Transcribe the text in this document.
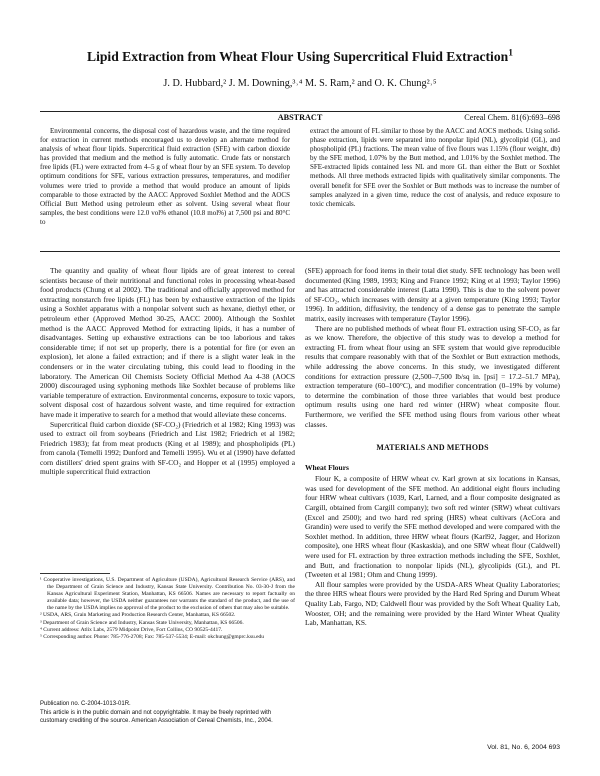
Lipid Extraction from Wheat Flour Using Supercritical Fluid Extraction$^1$
J. D. Hubbard,² J. M. Downing,³˒⁴ M. S. Ram,² and O. K. Chung²˒⁵
ABSTRACT	Cereal Chem. 81(6):693–698
Environmental concerns, the disposal cost of hazardous waste, and the time required for extraction in current methods encouraged us to develop an alternate method for analysis of wheat flour lipids. Supercritical fluid extraction (SFE) with carbon dioxide has provided that medium and the method is fully automatic. Crude fats or nonstarch free lipids (FL) were extracted from 4–5 g of wheat flour by an SFE system. To develop optimum conditions for SFE, various extraction pressures, temperatures, and modifier volumes were tried to provide a method that would produce an amount of lipids comparable to those extracted by the AACC Approved Soxhlet Method and the AOCS Official Butt Method using petroleum ether as solvent. Using several wheat flour samples, the best conditions were 12.0 vol% ethanol (10.8 mol%) at 7,500 psi and 80°C to
extract the amount of FL similar to those by the AACC and AOCS methods. Using solid-phase extraction, lipids were separated into nonpolar lipid (NL), glycolipid (GL), and phospholipid (PL) fractions. The mean value of five flours was 1.15% (flour weight, db) by the SFE method, 1.07% by the Butt method, and 1.01% by the Soxhlet method. The SFE-extracted lipids contained less NL and more GL than either the Butt or Soxhlet methods. All three methods extracted lipids with qualitatively similar components. The overall benefit for SFE over the Soxhlet or Butt methods was to increase the number of samples analyzed in a given time, reduce the cost of analysis, and reduce exposure to toxic chemicals.

The quantity and quality of wheat flour lipids are of great interest to cereal scientists because of their nutritional and functional roles in processing wheat-based food products (Chung et al 2002). The traditional and officially approved method for extracting nonstarch free lipids (FL) has been by exhaustive extraction of the lipids using a Soxhlet apparatus with a nonpolar solvent such as hexane, diethyl ether, or petroleum ether (Approved Method 30-25, AACC 2000). Although the Soxhlet method is the AACC Approved Method for extracting lipids, it has a number of disadvantages. Setting up exhaustive extractions can be too laborious and takes considerable time; if not set up properly, there is a potential for fire (or even an explosion), let alone a failed extraction; and if there is a slight water leak in the condensers or in the water circulating tubing, this could lead to flooding in the laboratory. The American Oil Chemists Society Official Method Aa 4-38 (AOCS 2000) discouraged using syphoning methods like Soxhlet because of problems like variable temperature of extraction. Environmental concerns, exposure to toxic vapors, solvent disposal cost of hazardous solvent waste, and time required for extraction have made it imperative to search for a method that would alleviate these concerns.

Supercritical fluid carbon dioxide (SF-CO₂) (Friedrich et al 1982; King 1993) was used to extract oil from soybeans (Friedrich and List 1982; Friedrich et al 1982; Friedrich 1983); fat from meat products (King et al 1989); and phospholipids (PL) from canola (Temelli 1992; Dunford and Temelli 1995). Wu et al (1990) have defatted corn distillers' dried spent grains with SF-CO₂ and Hopper et al (1995) employed a multiple supercritical fluid extraction

(SFE) approach for food items in their total diet study. SFE technology has been well documented (King 1989, 1993; King and France 1992; King et al 1993; Taylor 1996) and has attracted considerable interest (Latta 1990). This is due to the solvent power of SF-CO₂, which increases with density at a given temperature (King 1993; Taylor 1996). In addition, diffusivity, the tendency of a dense gas to penetrate the sample matrix, easily increases with temperature (Taylor 1996).

There are no published methods of wheat flour FL extraction using SF-CO₂ as far as we know. Therefore, the objective of this study was to develop a method for extracting FL from wheat flour using an SFE system that would give reproducible results that compare reasonably with that of the Soxhlet or Butt extraction methods, while addressing the above concerns. In this study, we investigated different conditions for extraction pressure (2,500–7,500 lb/sq in. [psi] = 17.2–51.7 MPa), extraction temperature (60–100°C), and modifier concentration (0–19% by volume) to determine the combination of those three variables that would best produce optimum results using one hard red winter (HRW) wheat composite flour. Furthermore, we verified the SFE method using flours from various other wheat classes.

MATERIALS AND METHODS
Wheat Flours

Flour K, a composite of HRW wheat cv. Karl grown at six locations in Kansas, was used for development of the SFE method. An additional eight flours including four HRW wheat cultivars (1039, Karl, Larned, and a flour composite designated as Cargill, obtained from Cargill company); two soft red winter (SRW) wheat cultivars (Excel and 2500); and two hard red spring (HRS) wheat cultivars (AcCora and Grandin) were used to verify the SFE method developed and were compared with the Soxhlet method. In addition, three HRW wheat flours (Karl92, Jagger, and Horizon composite), one HRS wheat flour (Kaskaskia), and one SRW wheat flour (Caldwell) were used for FL extraction by three extraction methods including the SFE, Soxhlet, and Butt, and fractionation to nonpolar lipids (NL), glycolipids (GL), and PL (Tweeten et al 1981; Ohm and Chung 1999).

All flour samples were provided by the USDA-ARS Wheat Quality Laboratories; the three HRS wheat flours were provided by the Hard Red Spring and Durum Wheat Quality Lab, Fargo, ND; Caldwell flour was provided by the Soft Wheat Quality Lab, Wooster, OH; and the remaining were provided by the Hard Winter Wheat Quality Lab, Manhattan, KS.

¹ Cooperative investigations, U.S. Department of Agriculture (USDA), Agricultural Research Service (ARS), and the Department of Grain Science and Industry, Kansas State University. Contribution No. 03-30-J from the Kansas Agricultural Experiment Station, Manhattan, KS 66506. Names are necessary to report factually on available data; however, the USDA neither guarantees nor warrants the standard of the product, and the use of the name by the USDA implies no approval of the product to the exclusion of others that may also be suitable.
² USDA, ARS, Grain Marketing and Production Research Center, Manhattan, KS 66502.
³ Department of Grain Science and Industry, Kansas State University, Manhattan, KS 66506.
⁴ Current address: Atlix Labs, 2579 Midpoint Drive, Fort Collins, CO 90525-4417.
⁵ Corresponding author. Phone: 785-776-2708; Fax: 785-537-5534; E-mail: okchung@gmprc.ksu.edu
Publication no. C-2004-1013-01R.
This article is in the public domain and not copyrightable. It may be freely reprinted with customary crediting of the source. American Association of Cereal Chemists, Inc., 2004.
Vol. 81, No. 6, 2004 693
